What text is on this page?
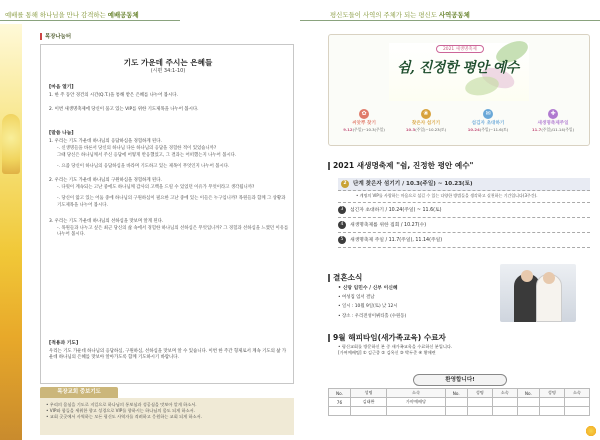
예배를 통해 하나님을 만나 감격하는 예배공동체
목장나눔터
기도 가운데 주시는 은혜들
(시편 34:1-10)
[마음 열기]
1. 한 주 동안 경건의 시간(Q.T.)을 통해 받은 은혜를 나누어 봅시다.
2. 이번 새생명축제에 당신이 품고 있는 VIP를 위한 기도제목을 나누어 봅시다.
[말씀 나눔]
1. 우리는 기도 가운데 하나님의 응답하심을 경험하게 된다.
-. 신생명들을 바른서 당신의 하나님 다른 하나님의 응답을 경험한 적이 있었습니까?
그때 당신은 하나님께서 주신 응답에 어떻게 반응했었고, 그 결과는 어떠했는지 나누어 봅시다.
-. 요즘 당신이 하나님의 응답하심을 바라며 기도하고 있는 제목이 무엇인지 나누어 봅시다.
2. 우리는 기도 가운데 하나님의 구원하심을 경험하게 된다.
-. 다윗이 계속되는 고난 중에도 하나님께 감사의 고백을 드릴 수 있었던 이유가 무엇이라고 생각됩니까?
-. 당신이 앓고 있는 어둠 중에 하나님의 구원하심이 필요한 고난 중에 있는 이들은 누구입니까? 목원들과 함께 그 상황과 기도제목을 나누어 봅시다.
3. 우리는 기도 가운데 하나님의 선하심을 맛보며 알게 된다.
-. 목원들과 나누고 싶은 최근 당신의 삶 속에서 경험한 하나님의 선하심은 무엇입니까? 그 경험과 선하심을 느꼈던 이유를 나누어 봅시다.
[적용과 기도]
우리는 기도 가운데 하나님의 응답하심, 구원하심, 선하심을 맛보며 알 수 있습니다. 이번 한 주간 형제로서 계속 기도의 삶 가운데 하나님의 은혜를 맛보아 알아가도록 함께 기도하시기 바랍니다.
목장교회 중보기도
• 우리의 몸심을 기도로 지킬으로 하나님의 통보심과 성공심을 맛보아 알게 하소서.
• VIP와 함들을 세워한 향고 성경으로 VIP를 향하시는 하나님의 몸도 되게 하소서.
• 교회 곳곳에서 사역하는 모든 평신도 사역자를 격려하고 응원하는 교회 되게 하소서.
평신도들이 사역의 주체가 되는 평신도 사역공동체
2021 새생명축제
쉼, 진정한 평안 예수
✿
씨앗뿌 찾기
9.12(주일)~10.3(주일)
❀
찾은자 섬기기
10.3(주일)~10.23(토)
✉
섬김자 초대하기
10.24(주일)~11.6(토)
✚
새생명축제주일
11.7(주일)/11.14(주일)
2021 새생명축제 "쉼, 진정한 평안 예수"
2 단계 찾은자 섬기기 / 10.3(주일) ~ 10.23(토)
• 계명의 VIP를 사랑하는 마음으로 섬길 수 있는 다양한 방법들을 생각하고 실천하는 기간입니다(3주간).
3 섬긴자 초대하기 / 10.24(주일) ~ 11.6(토)
4 새생명축제를 위한 집회 / 10.27(수)
5 새생명축제 주일 / 11.7(주일), 11.14(주일)
결혼소식
• 신랑 임민수 / 신부 이신혜
• 여성집 엄서 결남
• 일시 : 10월 9일(토) 낮 12시
• 장소 : 우리전성이뷔티홀 (수원동)
9월 해피타임(새가족교육) 수료자
• 평신교회를 방문하신 본 중 새가족교육을 수료하신 분입니다.
[가여예배팀] ① 김근종 ② 김옥신 ③ 박두준 ④ 황애련
환영합니다!
No.	성명	소속	No.	성명	소속	No.	성명	소속
76	김태완	가야예배당						
